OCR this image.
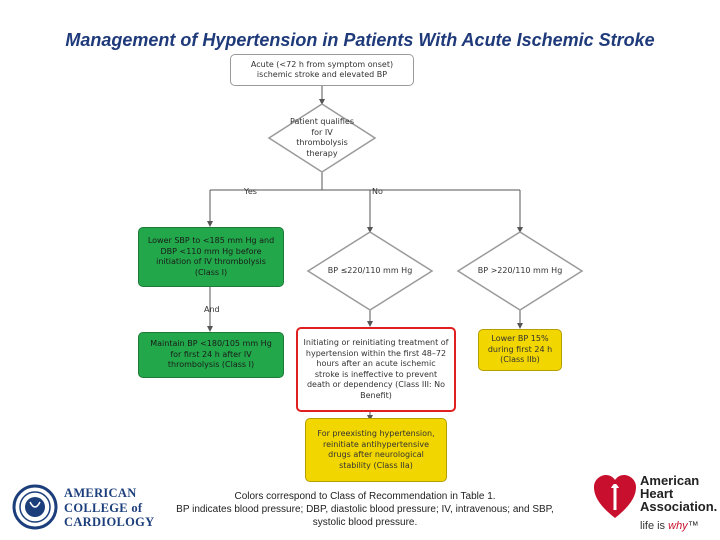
Management of Hypertension in Patients With Acute Ischemic Stroke
Acute (<72 h from symptom onset) ischemic stroke and elevated BP
Patient qualifies for IV thrombolysis therapy
Yes	No
Lower SBP to <185 mm Hg and DBP <110 mm Hg before initiation of IV thrombolysis (Class I)
And
Maintain BP <180/105 mm Hg for first 24 h after IV thrombolysis (Class I)
BP ≤220/110 mm Hg	BP >220/110 mm Hg
Initiating or reinitiating treatment of hypertension within the first 48–72 hours after an acute ischemic stroke is ineffective to prevent death or dependency (Class III: No Benefit)
Lower BP 15% during first 24 h (Class IIb)
For preexisting hypertension, reinitiate antihypertensive drugs after neurological stability (Class IIa)
Colors correspond to Class of Recommendation in Table 1.
BP indicates blood pressure; DBP, diastolic blood pressure; IV, intravenous; and SBP,
systolic blood pressure.
AMERICAN
COLLEGE of
CARDIOLOGY
American
Heart
Association.
life is why™
